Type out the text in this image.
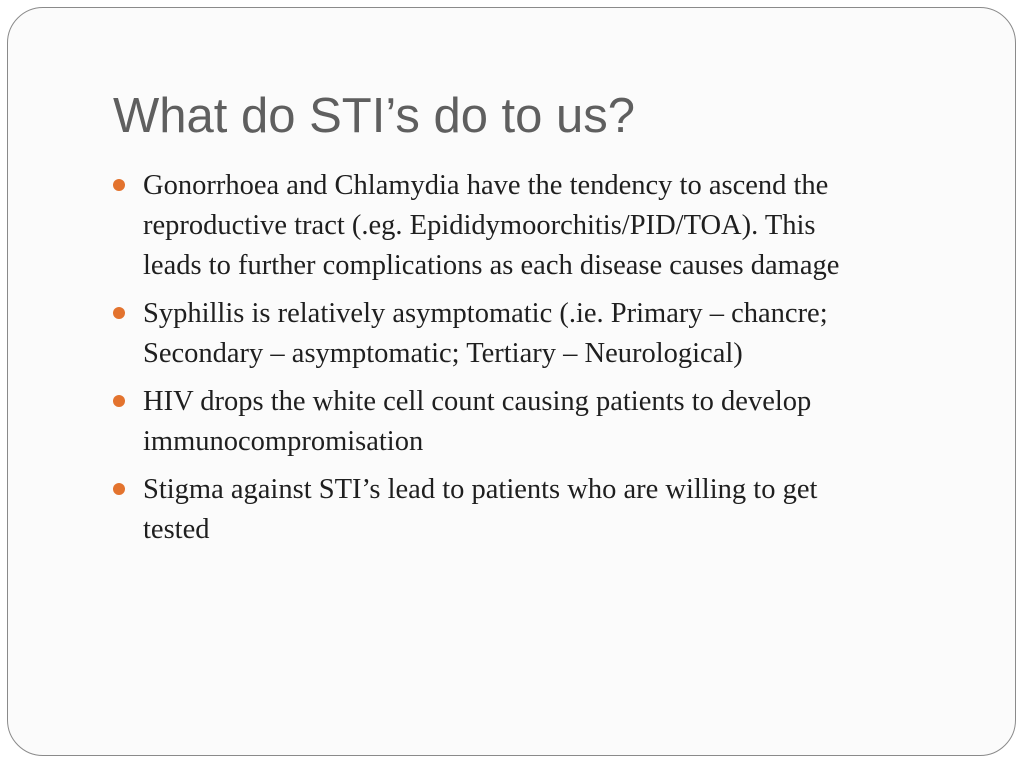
What do STI’s do to us?
Gonorrhoea and Chlamydia have the tendency to ascend the
reproductive tract (.eg. Epididymoorchitis/PID/TOA). This
leads to further complications as each disease causes damage
Syphillis is relatively asymptomatic (.ie. Primary – chancre;
Secondary – asymptomatic; Tertiary – Neurological)
HIV drops the white cell count causing patients to develop
immunocompromisation
Stigma against STI’s lead to patients who are willing to get
tested
